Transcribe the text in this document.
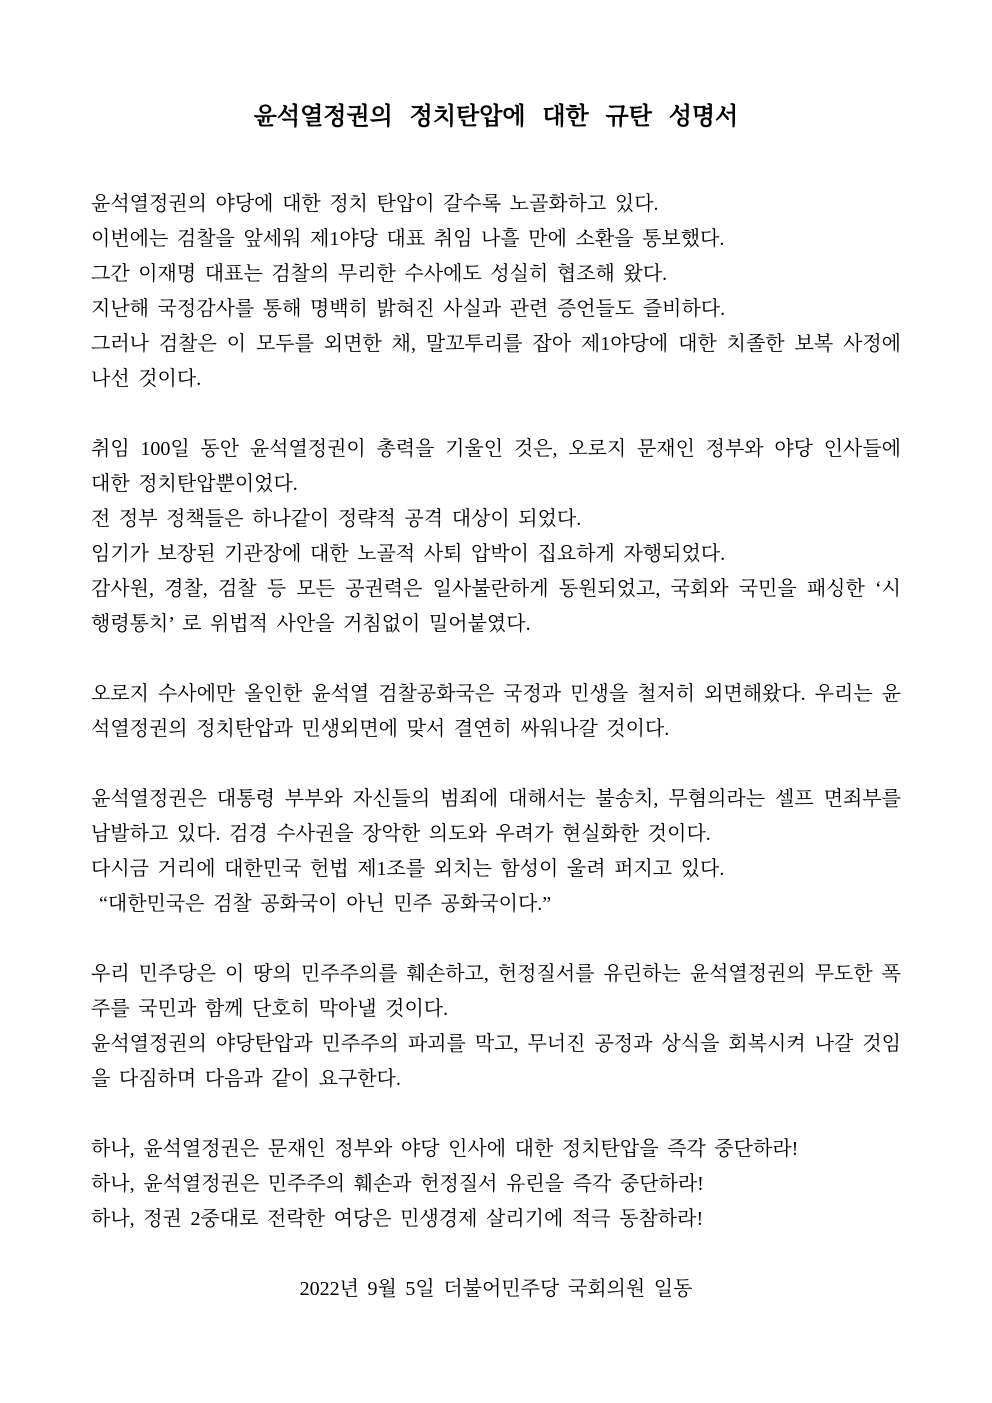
윤석열정권의 정치탄압에 대한 규탄 성명서
윤석열정권의 야당에 대한 정치 탄압이 갈수록 노골화하고 있다.
이번에는 검찰을 앞세워 제1야당 대표 취임 나흘 만에 소환을 통보했다.
그간 이재명 대표는 검찰의 무리한 수사에도 성실히 협조해 왔다.
지난해 국정감사를 통해 명백히 밝혀진 사실과 관련 증언들도 즐비하다.
그러나 검찰은 이 모두를 외면한 채, 말꼬투리를 잡아 제1야당에 대한 치졸한 보복 사정에 나선 것이다.
취임 100일 동안 윤석열정권이 총력을 기울인 것은, 오로지 문재인 정부와 야당 인사들에 대한 정치탄압뿐이었다.
전 정부 정책들은 하나같이 정략적 공격 대상이 되었다.
임기가 보장된 기관장에 대한 노골적 사퇴 압박이 집요하게 자행되었다.
감사원, 경찰, 검찰 등 모든 공권력은 일사불란하게 동원되었고, 국회와 국민을 패싱한 ‘시행령통치’ 로 위법적 사안을 거침없이 밀어붙였다.
오로지 수사에만 올인한 윤석열 검찰공화국은 국정과 민생을 철저히 외면해왔다. 우리는 윤석열정권의 정치탄압과 민생외면에 맞서 결연히 싸워나갈 것이다.
윤석열정권은 대통령 부부와 자신들의 범죄에 대해서는 불송치, 무혐의라는 셀프 면죄부를 남발하고 있다. 검경 수사권을 장악한 의도와 우려가 현실화한 것이다.
다시금 거리에 대한민국 헌법 제1조를 외치는 함성이 울려 퍼지고 있다.
“대한민국은 검찰 공화국이 아닌 민주 공화국이다.”
우리 민주당은 이 땅의 민주주의를 훼손하고, 헌정질서를 유린하는 윤석열정권의 무도한 폭주를 국민과 함께 단호히 막아낼 것이다.
윤석열정권의 야당탄압과 민주주의 파괴를 막고, 무너진 공정과 상식을 회복시켜 나갈 것임을 다짐하며 다음과 같이 요구한다.
하나, 윤석열정권은 문재인 정부와 야당 인사에 대한 정치탄압을 즉각 중단하라!
하나, 윤석열정권은 민주주의 훼손과 헌정질서 유린을 즉각 중단하라!
하나, 정권 2중대로 전락한 여당은 민생경제 살리기에 적극 동참하라!
2022년 9월 5일 더불어민주당 국회의원 일동
